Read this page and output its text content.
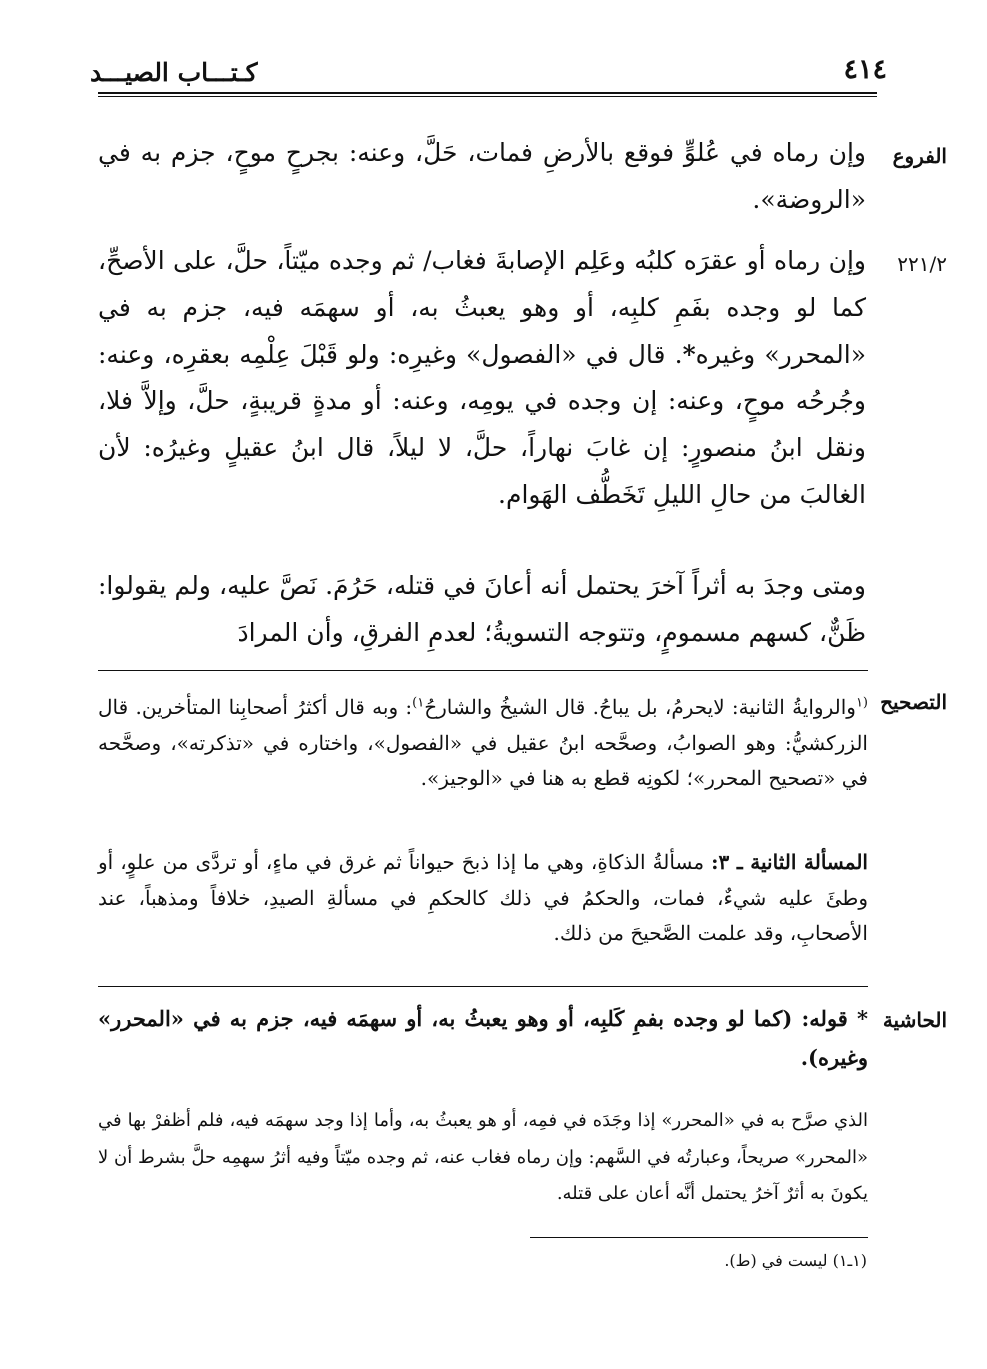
٤١٤
كـتـــاب الصيـــد
الفروع
٢٢١/٢

وإن رماه في عُلوٍّ فوقع بالأرضِ فمات، حَلَّ، وعنه: بجرحٍ موحٍ، جزم به في «الروضة».

وإن رماه أو عقرَه كلبُه وعَلِم الإصابةَ فغاب/ ثم وجده ميّتاً، حلَّ، على الأصحِّ، كما لو وجده بفَمِ كلبِه، أو وهو يعبثُ به، أو سهمَه فيه، جزم به في «المحرر» وغيره*. قال في «الفصول» وغيرِه: ولو قَبْلَ عِلْمِه بعقرِه، وعنه: وجُرحُه موحٍ، وعنه: إن وجده في يومِه، وعنه: أو مدةٍ قريبةٍ، حلَّ، وإلاَّ فلا، ونقل ابنُ منصورٍ: إن غابَ نهاراً، حلَّ، لا ليلاً، قال ابنُ عقيلٍ وغيرُه: لأن الغالبَ من حالِ الليلِ تَخَطُّف الهَوام.

ومتى وجدَ به أثراً آخرَ يحتمل أنه أعانَ في قتله، حَرُمَ. نَصَّ عليه، ولم يقولوا: ظَنٌّ، كسهم مسمومٍ، وتتوجه التسويةُ؛ لعدمِ الفرقِ، وأن المرادَ

التصحيح

$^{(١}$والروايةُ الثانية: لايحرمُ، بل يباحُ. قال الشيخُ والشارحُ$^{١)}$: وبه قال أكثرُ أصحابِنا المتأخرين. قال الزركشيُّ: وهو الصوابُ، وصحَّحه ابنُ عقيل في «الفصول»، واختاره في «تذكرته»، وصحَّحه في «تصحيح المحرر»؛ لكونِه قطع به هنا في «الوجيز».

المسألة الثانية ـ ٣: مسألةُ الذكاةِ، وهي ما إذا ذبحَ حيواناً ثم غرق في ماءٍ، أو تردَّى من علوٍ، أو وطئَ عليه شيءٌ، فمات، والحكمُ في ذلك كالحكمِ في مسألةِ الصيدِ، خلافاً ومذهباً، عند الأصحابِ، وقد علمت الصَّحيحَ من ذلك.

الحاشية

* قوله: (كما لو وجده بفمِ كَلبِه، أو وهو يعبثُ به، أو سهمَه فيه، جزم به في «المحرر» وغيره).

الذي صرَّح به في «المحرر» إذا وجَدَه في فمِه، أو هو يعبثُ به، وأما إذا وجد سهمَه فيه، فلم أظفرْ بها في «المحرر» صريحاً، وعبارتُه في السَّهم: وإن رماه فغاب عنه، ثم وجده ميّتاً وفيه أثرُ سهمِه حلَّ بشرط أن لا يكونَ به أثرٌ آخرُ يحتمل أنَّه أعان على قتله.

(١ـ١) ليست في (ط).
